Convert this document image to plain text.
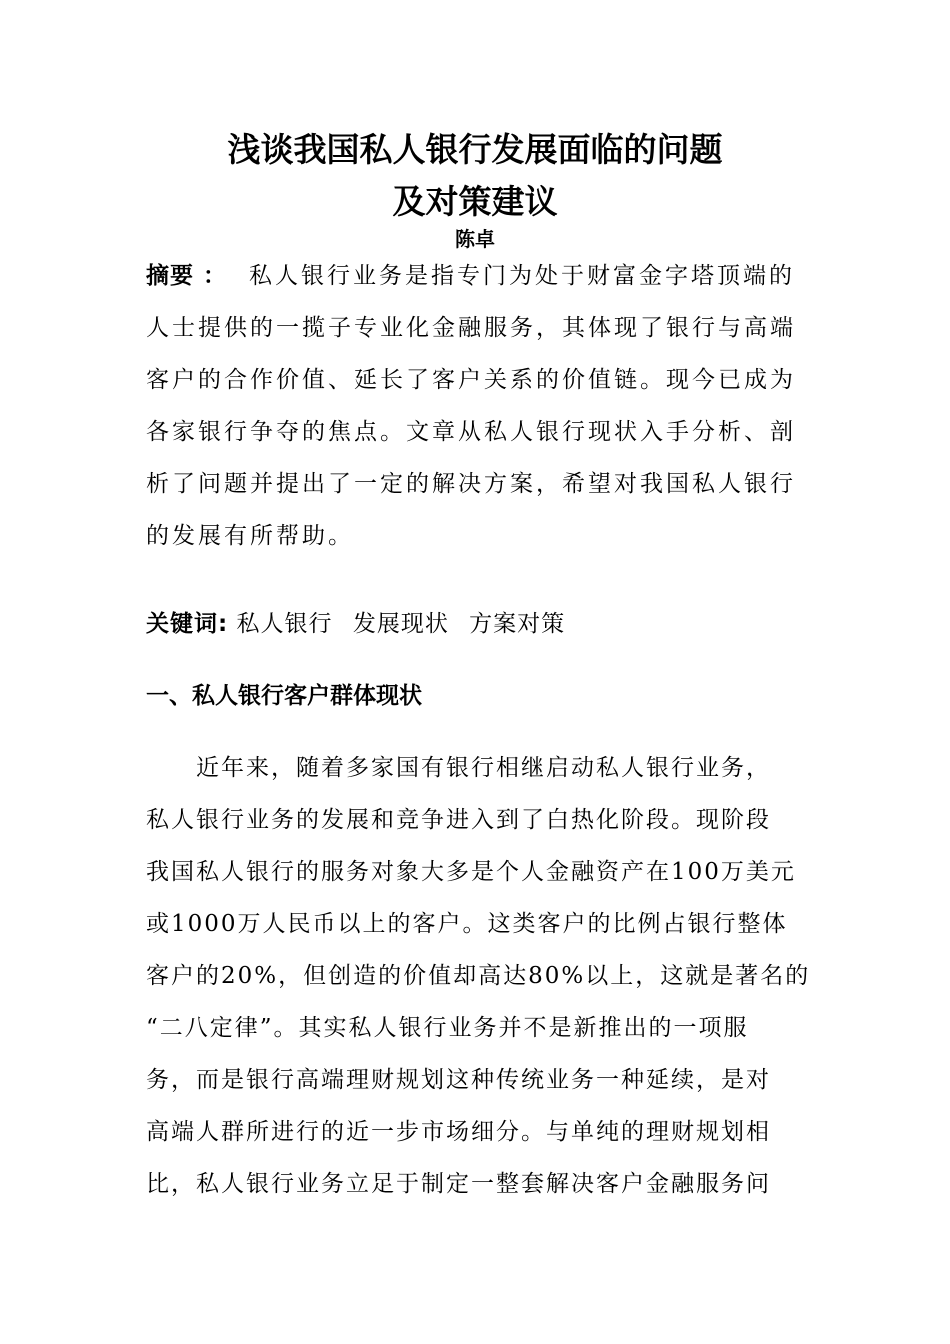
浅谈我国私人银行发展面临的问题
及对策建议
陈卓
摘要 ： 私人银行业务是指专门为处于财富金字塔顶端的
人士提供的一揽子专业化金融服务，其体现了银行与高端
客户的合作价值、延长了客户关系的价值链。现今已成为
各家银行争夺的焦点。文章从私人银行现状入手分析、剖
析了问题并提出了一定的解决方案，希望对我国私人银行
的发展有所帮助。
关键词: 私人银行 发展现状 方案对策
一、私人银行客户群体现状
近年来，随着多家国有银行相继启动私人银行业务，
私人银行业务的发展和竞争进入到了白热化阶段。现阶段
我国私人银行的服务对象大多是个人金融资产在100万美元
或1000万人民币以上的客户。这类客户的比例占银行整体
客户的20%，但创造的价值却高达80%以上，这就是著名的
“二八定律”。其实私人银行业务并不是新推出的一项服
务，而是银行高端理财规划这种传统业务一种延续，是对
高端人群所进行的近一步市场细分。与单纯的理财规划相
比，私人银行业务立足于制定一整套解决客户金融服务问
